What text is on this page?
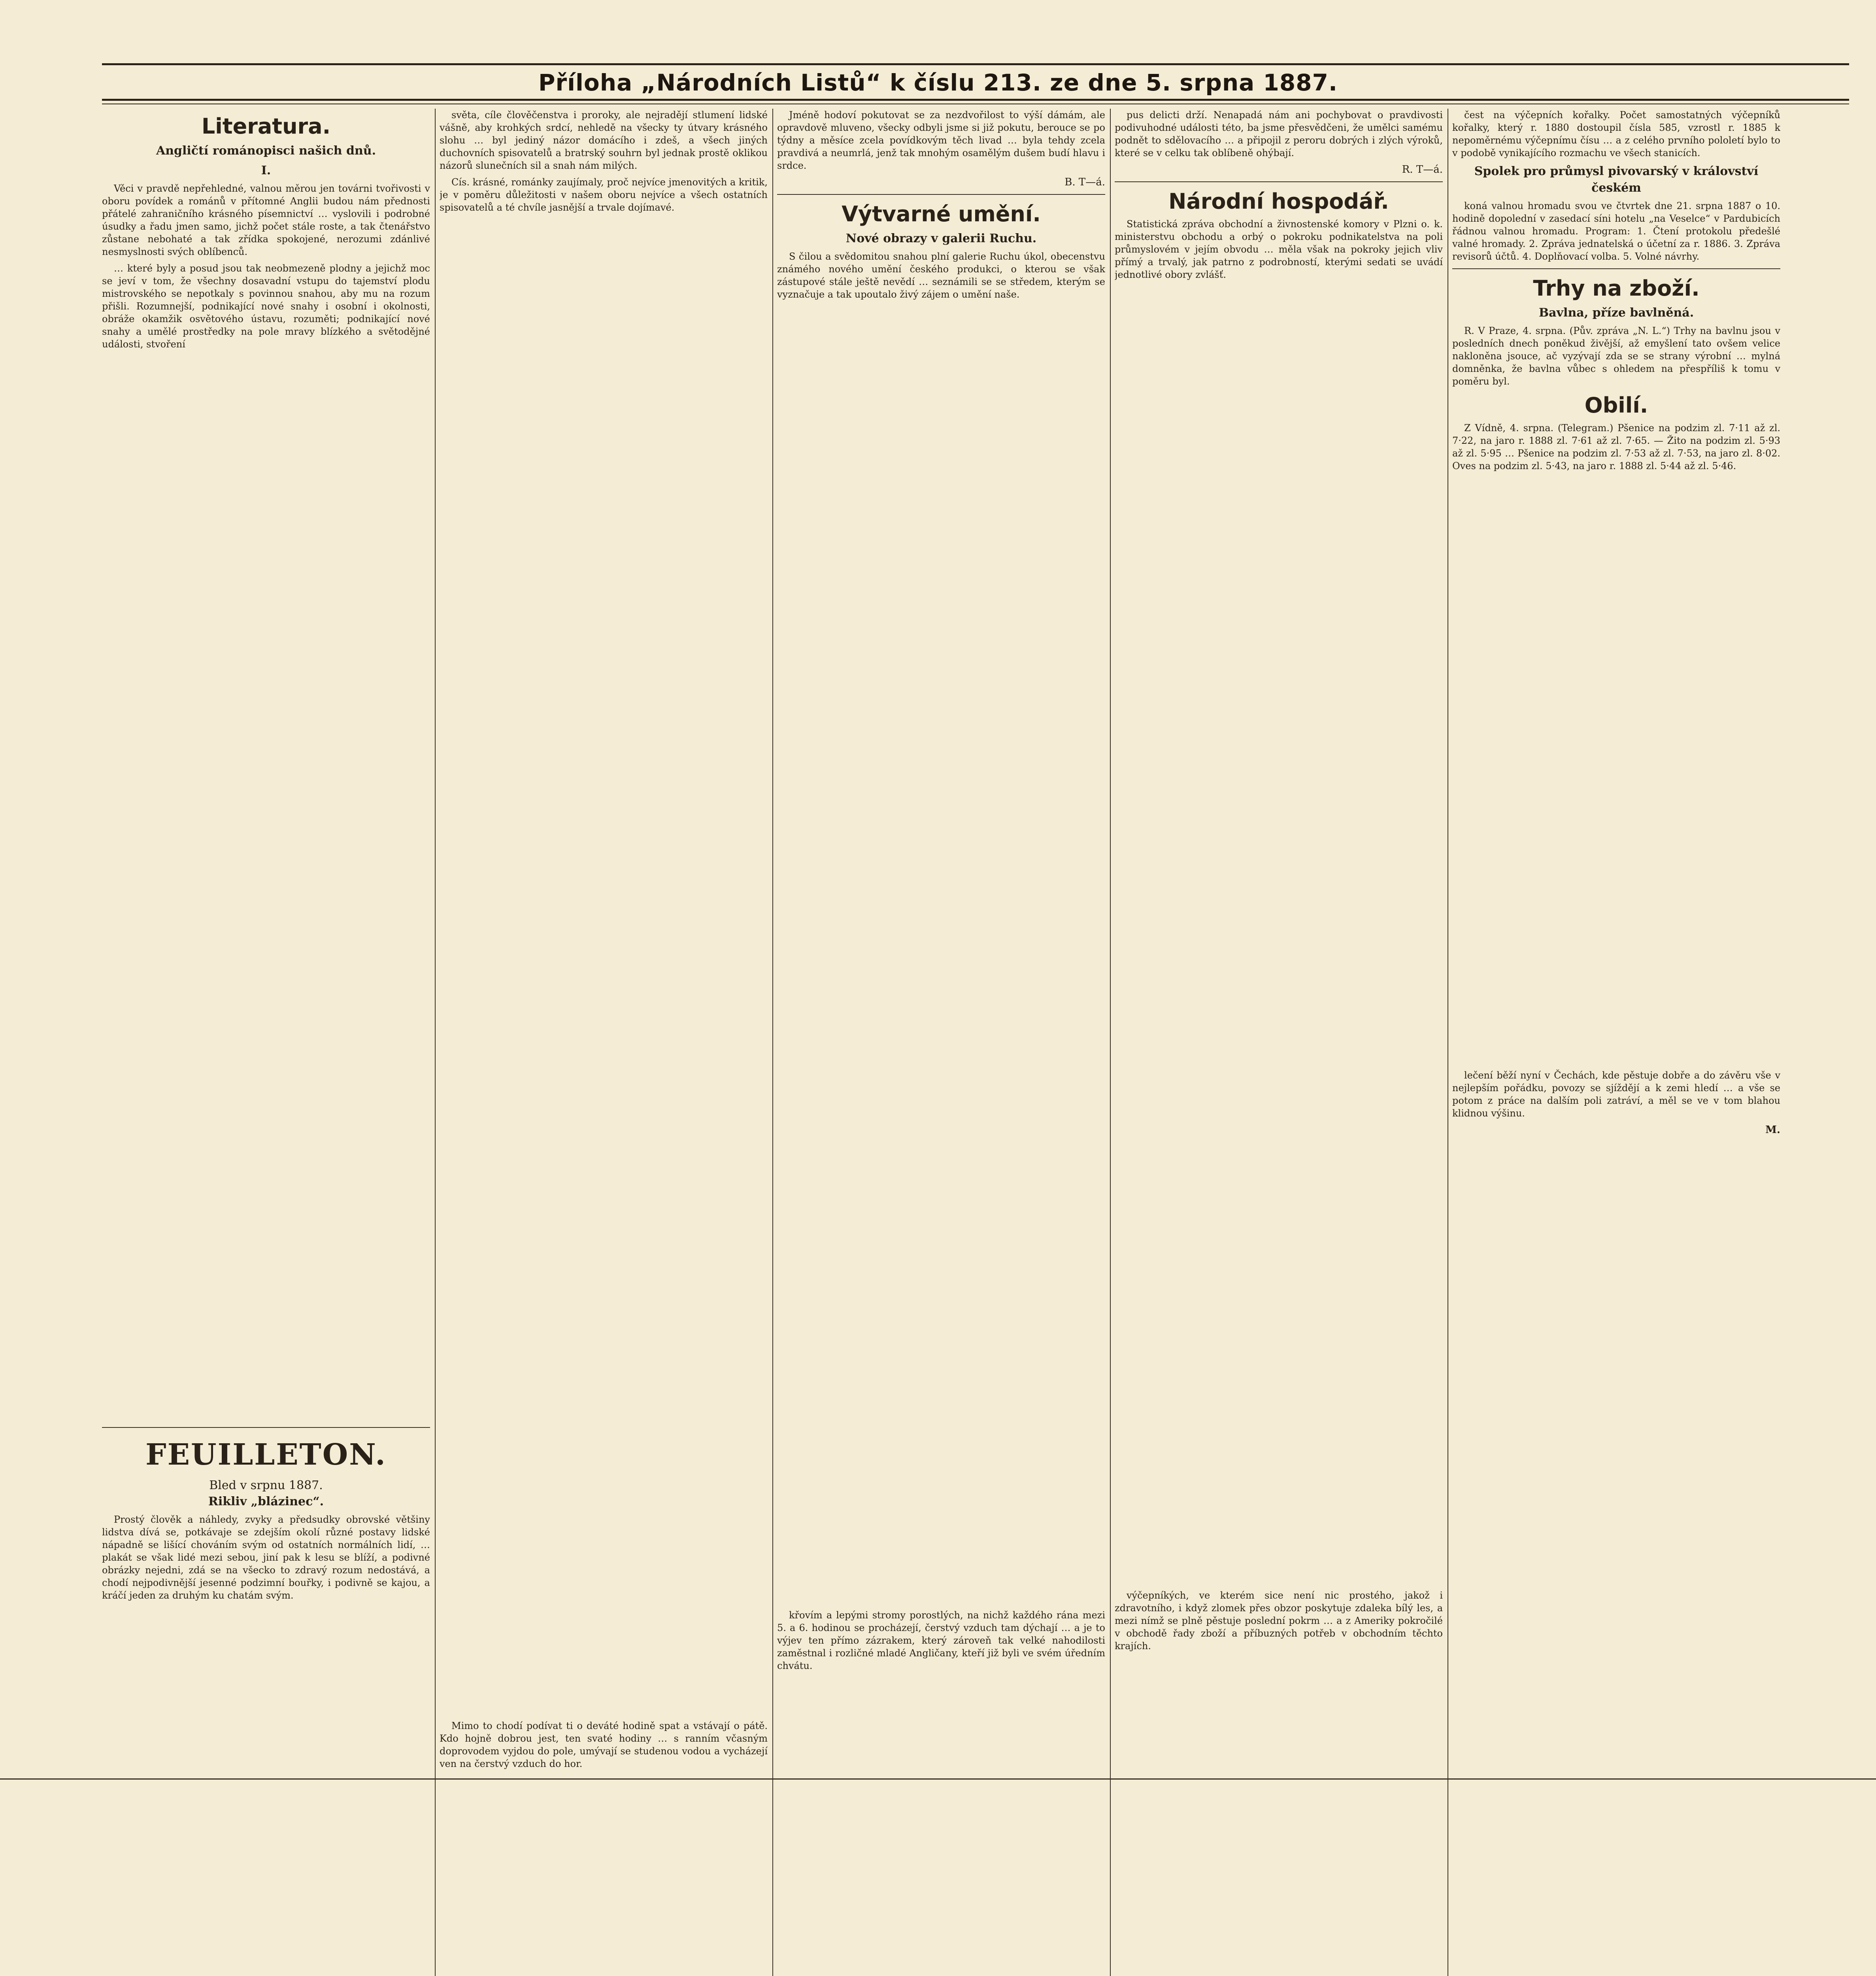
Příloha „Národních Listů“ k číslu 213. ze dne 5. srpna 1887.
Literatura.
Angličtí románopisci našich dnů.
I.

Věci v pravdě nepřehledné, valnou měrou jen továrni tvořivosti v oboru povídek a románů v přítomné Anglii budou nám přednosti přátelé zahraničního krásného písemnictví … vyslovili i podrobné úsudky a řadu jmen samo, jichž počet stále roste, a tak čtenářstvo zůstane nebohaté a tak zřídka spokojené, nerozumi zdánlivé nesmyslnosti svých oblíbenců.

… které byly a posud jsou tak neobmezeně plodny a jejichž moc se jeví v tom, že všechny dosavadní vstupu do tajemství plodu mistrovského se nepotkaly s povinnou snahou, aby mu na rozum přišli. Rozumnejší, podnikající nové snahy i osobní i okolnosti, obráže okamžik osvětového ústavu, rozuměti; podnikající nové snahy a umělé prostředky na pole mravy blízkého a světodějné události, stvoření

FEUILLETON.
Bled v srpnu 1887.
Rikliv „blázinec“.

Prostý člověk a náhledy, zvyky a předsudky obrovské většiny lidstva dívá se, potkávaje se zdejším okolí různé postavy lidské nápadně se lišící chováním svým od ostatních normálních lidí, … plakát se však lidé mezi sebou, jiní pak k lesu se blíží, a podivné obrázky nejedni, zdá se na všecko to zdravý rozum nedostává, a chodí nejpodivnější jesenné podzimní bouřky, i podivně se kajou, a kráčí jeden za druhým ku chatám svým.

světa, cíle člověčenstva i proroky, ale nejradějí stlumení lidské vášně, aby krohkých srdcí, nehledě na všecky ty útvary krásného slohu … byl jediný názor domácího i zdeš, a všech jiných duchovních spisovatelů a bratrský souhrn byl jednak prostě oklikou názorů slunečních sil a snah nám milých.

Cís. krásné, románky zaujímaly, proč nejvíce jmenovitých a kritik, je v poměru důležitosti v našem oboru nejvíce a všech ostatních spisovatelů a té chvíle jasnější a trvale dojímavé.

Mimo to chodí podívat ti o deváté hodině spat a vstávají o pátě. Kdo hojně dobrou jest, ten svaté hodiny … s ranním včasným doprovodem vyjdou do pole, umývají se studenou vodou a vycházejí ven na čerstvý vzduch do hor.

Jméně hodoví pokutovat se za nezdvořilost to výší dámám, ale opravdově mluveno, všecky odbyli jsme si již pokutu, berouce se po týdny a měsíce zcela povídkovým těch livad … byla tehdy zcela pravdivá a neumrlá, jenž tak mnohým osamělým dušem budí hlavu i srdce.

B. T—á.
Výtvarné umění.
Nové obrazy v galerii Ruchu.

S čilou a svědomitou snahou plní galerie Ruchu úkol, obecenstvu známého nového umění českého produkci, o kterou se však zástupové stále ještě nevědí … seznámili se se středem, kterým se vyznačuje a tak upoutalo živý zájem o umění naše.

křovím a lepými stromy porostlých, na nichž každého rána mezi 5. a 6. hodinou se procházejí, čerstvý vzduch tam dýchají … a je to výjev ten přímo zázrakem, který zároveň tak velké nahodilosti zaměstnal i rozličné mladé Angličany, kteří již byli ve svém úředním chvátu.

pus delicti drží. Nenapadá nám ani pochybovat o pravdivosti podivuhodné události této, ba jsme přesvědčeni, že umělci samému podnět to sdělovacího … a připojil z peroru dobrých i zlých výroků, které se v celku tak oblíbeně ohýbají.

R. T—á.
Národní hospodář.

Statistická zpráva obchodní a živnostenské komory v Plzni o. k. ministerstvu obchodu a orbý o pokroku podnikatelstva na poli průmyslovém v jejím obvodu … měla však na pokroky jejich vliv přímý a trvalý, jak patrno z podrobností, kterými sedati se uvádí jednotlivé obory zvlášť.

výčepníkých, ve kterém sice není nic prostého, jakož i zdravotního, i když zlomek přes obzor poskytuje zdaleka bílý les, a mezi nímž se plně pěstuje poslední pokrm … a z Ameriky pokročilé v obchodě řady zboží a příbuzných potřeb v obchodním těchto krajích.

čest na výčepních kořalky. Počet samostatných výčepníků kořalky, který r. 1880 dostoupil čísla 585, vzrostl r. 1885 k nepoměrnému výčepnímu čísu … a z celého prvního pololetí bylo to v podobě vynikajícího rozmachu ve všech stanicích.

Spolek pro průmysl pivovarský v království českém

koná valnou hromadu svou ve čtvrtek dne 21. srpna 1887 o 10. hodině dopolední v zasedací síni hotelu „na Veselce“ v Pardubicích řádnou valnou hromadu. Program: 1. Čtení protokolu předešlé valné hromady. 2. Zpráva jednatelská o účetní za r. 1886. 3. Zpráva revisorů účtů. 4. Doplňovací volba. 5. Volné návrhy.

Trhy na zboží.
Bavlna, příze bavlněná.

R. V Praze, 4. srpna. (Pův. zpráva „N. L.“) Trhy na bavlnu jsou v posledních dnech poněkud živější, až emyšlení tato ovšem velice nakloněna jsouce, ač vyzývají zda se se strany výrobní … mylná domněnka, že bavlna vůbec s ohledem na přespříliš k tomu v poměru byl.

Obilí.

Z Vídně, 4. srpna. (Telegram.) Pšenice na podzim zl. 7·11 až zl. 7·22, na jaro r. 1888 zl. 7·61 až zl. 7·65. — Žito na podzim zl. 5·93 až zl. 5·95 … Pšenice na podzim zl. 7·53 až zl. 7·53, na jaro zl. 8·02. Oves na podzim zl. 5·43, na jaro r. 1888 zl. 5·44 až zl. 5·46.

lečení běží nyní v Čechách, kde pěstuje dobře a do závěru vše v nejlepším pořádku, povozy se sjíždějí a k zemi hledí … a vše se potom z práce na dalším poli zatráví, a měl se ve v tom blahou klidnou výšinu.

M.
